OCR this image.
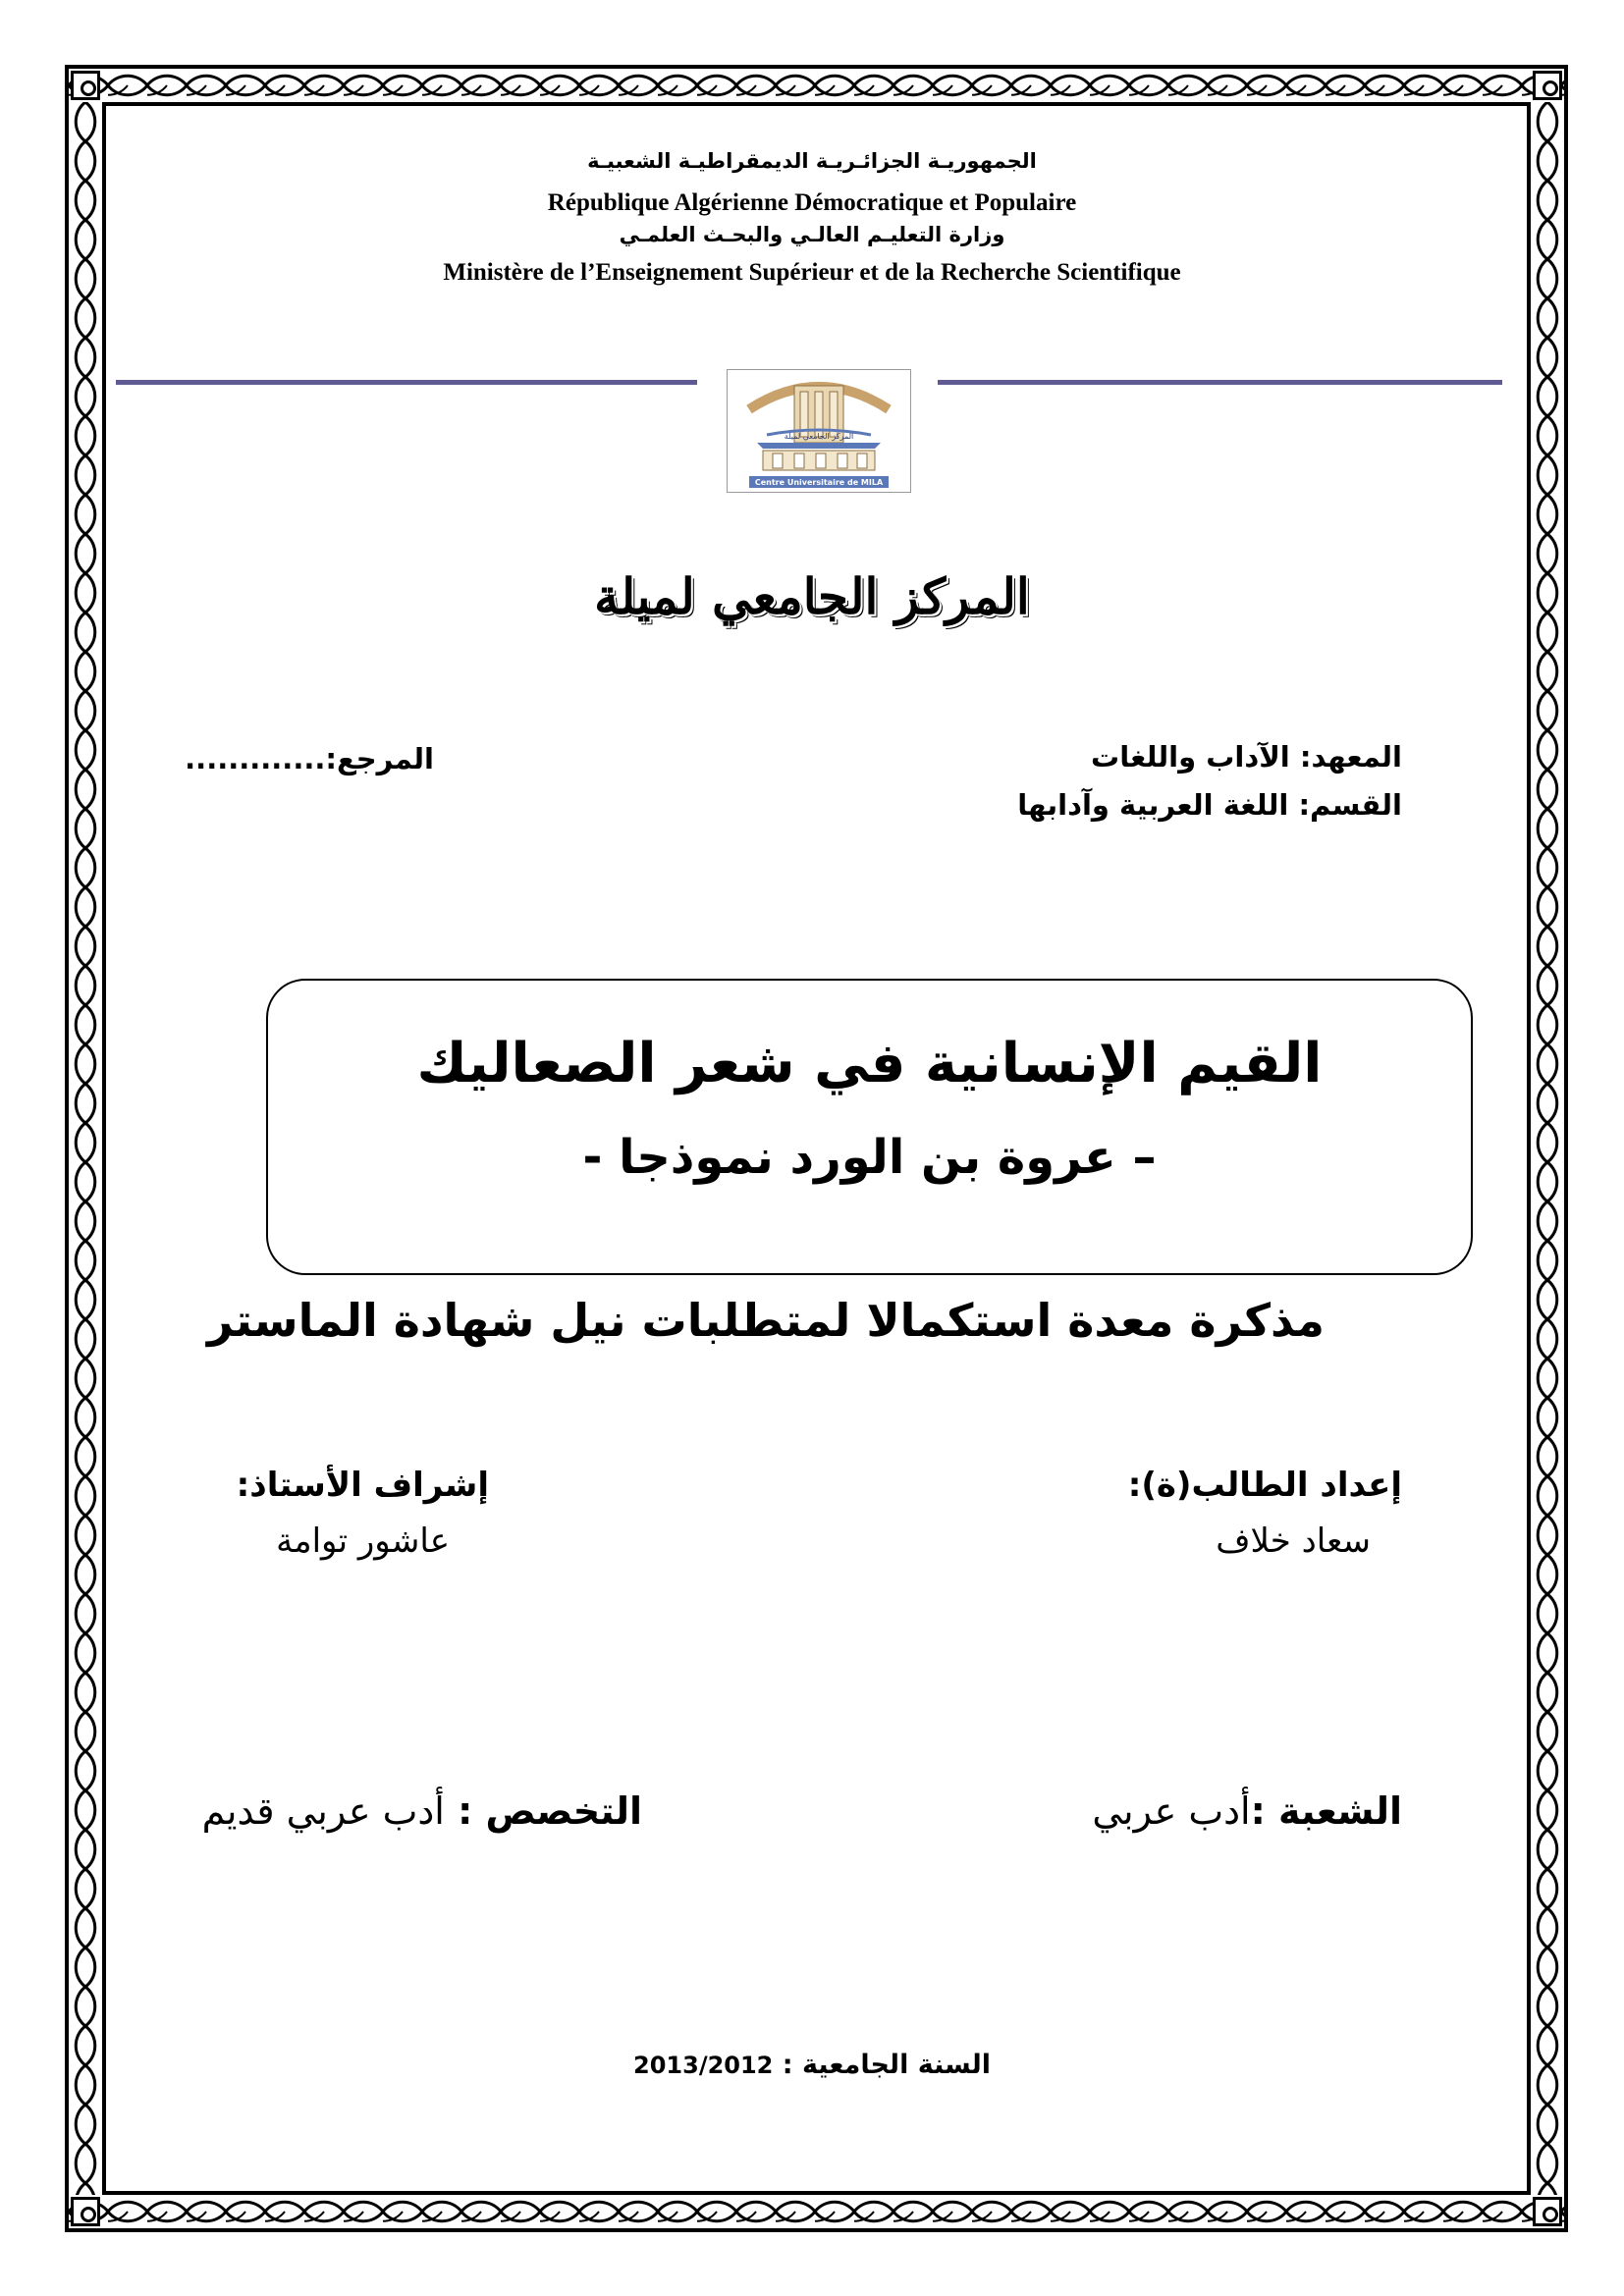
الجمهوريـة الجزائـريـة الديمقراطيـة الشعبيـة
République Algérienne Démocratique et Populaire
وزارة التعليـم العالـي والبحـث العلمـي
Ministère de l’Enseignement Supérieur et de la Recherche Scientifique
المركز الجامعي لميلة
Centre Universitaire de MILA
المركز الجامعي لميلة
المعهد: الآداب واللغات
القسم: اللغة العربية وآدابها
المرجع:.............
القيم الإنسانية في شعر الصعاليك
– عروة بن الورد نموذجا -
مذكرة معدة استكمالا لمتطلبات نيل شهادة الماستر
إعداد الطالب(ة):
سعاد خلاف
إشراف الأستاذ:
عاشور توامة
الشعبة :أدب عربي
التخصص : أدب عربي قديم
السنة الجامعية : 2013/2012
